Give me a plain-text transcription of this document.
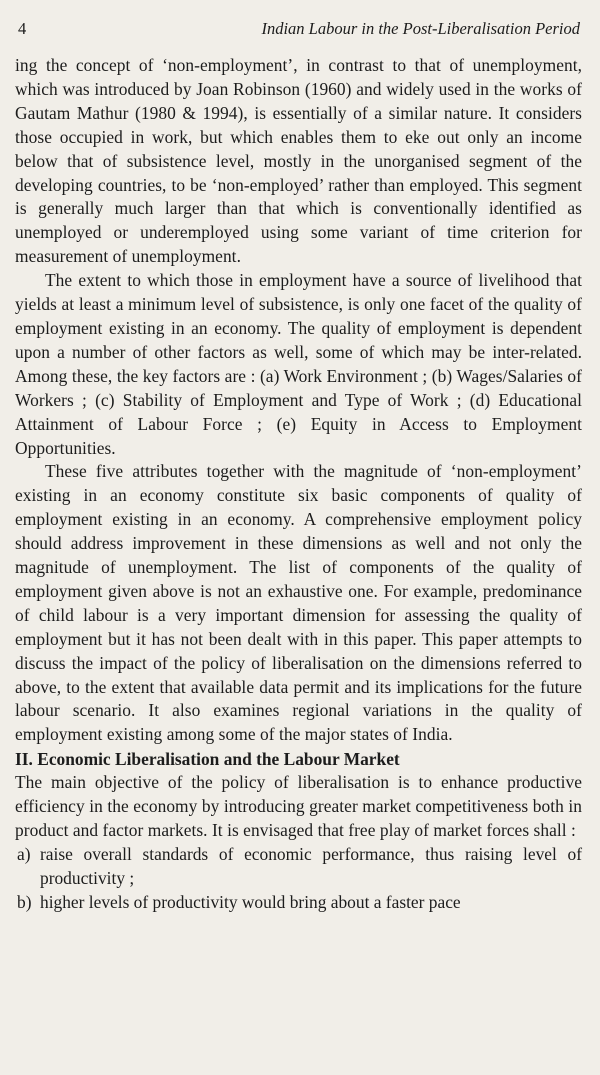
4	Indian Labour in the Post-Liberalisation Period

ing the concept of ‘non-employment’, in contrast to that of unemployment, which was introduced by Joan Robinson (1960) and widely used in the works of Gautam Mathur (1980 & 1994), is essentially of a similar nature. It considers those occupied in work, but which enables them to eke out only an income below that of subsistence level, mostly in the unorganised segment of the developing countries, to be ‘non-employed’ rather than employed. This segment is generally much larger than that which is conventionally identified as unemployed or underemployed using some variant of time criterion for measurement of unemployment.

The extent to which those in employment have a source of livelihood that yields at least a minimum level of subsistence, is only one facet of the quality of employment existing in an economy. The quality of employment is dependent upon a number of other factors as well, some of which may be inter-related. Among these, the key factors are : (a) Work Environment ; (b) Wages/Salaries of Workers ; (c) Stability of Employment and Type of Work ; (d) Educational Attainment of Labour Force ; (e) Equity in Access to Employment Opportunities.

These five attributes together with the magnitude of ‘non-employment’ existing in an economy constitute six basic components of quality of employment existing in an economy. A comprehensive employment policy should address improvement in these dimensions as well and not only the magnitude of unemployment. The list of components of the quality of employment given above is not an exhaustive one. For example, predominance of child labour is a very important dimension for assessing the quality of employment but it has not been dealt with in this paper. This paper attempts to discuss the impact of the policy of liberalisation on the dimensions referred to above, to the extent that available data permit and its implications for the future labour scenario. It also examines regional variations in the quality of employment existing among some of the major states of India.

II. Economic Liberalisation and the Labour Market

The main objective of the policy of liberalisation is to enhance productive efficiency in the economy by introducing greater market competitiveness both in product and factor markets. It is envisaged that free play of market forces shall :

a) raise overall standards of economic performance, thus raising level of productivity ;
b) higher levels of productivity would bring about a faster pace
